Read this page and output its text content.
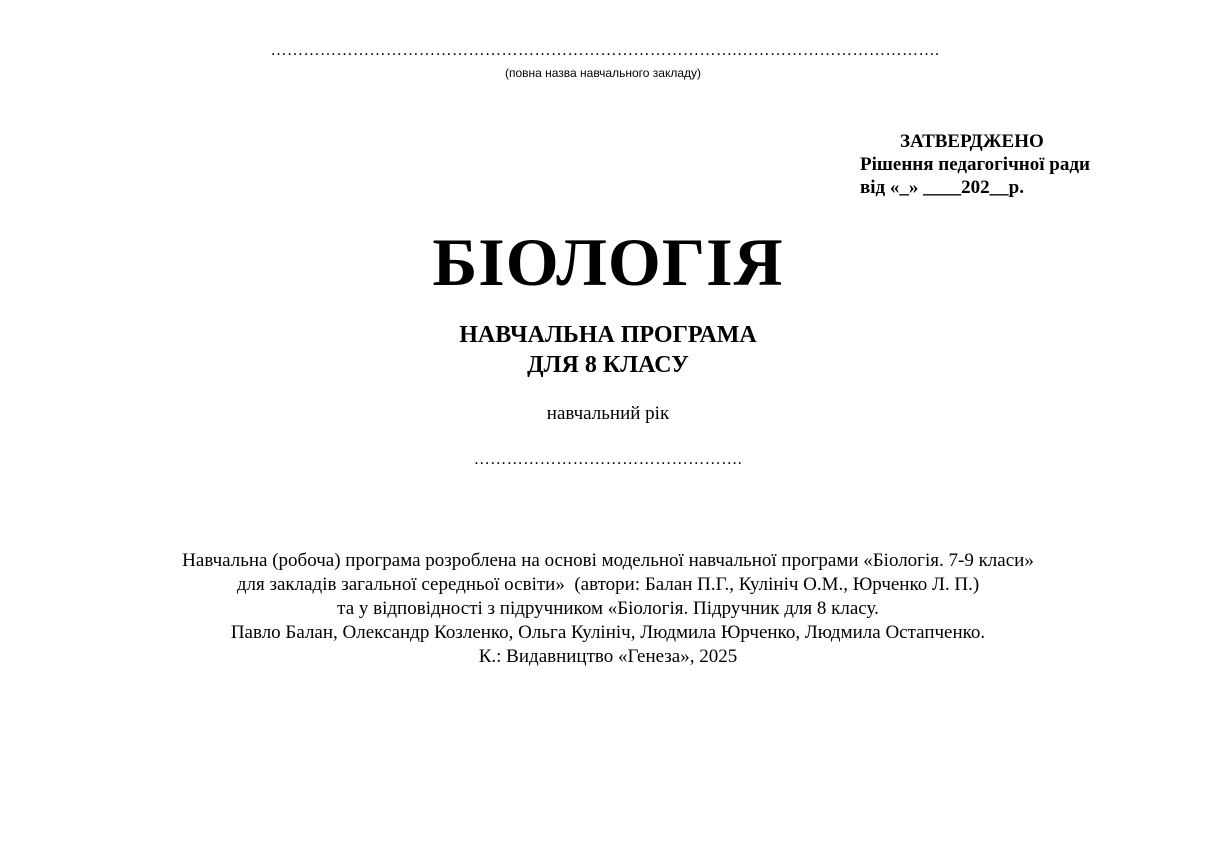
………………………………………………………………………….……………………………….
(повна назва навчального закладу)
ЗАТВЕРДЖЕНО
Рішення педагогічної ради
від «_» ____202__р.
БІОЛОГІЯ
НАВЧАЛЬНА ПРОГРАМА
ДЛЯ 8 КЛАСУ
навчальний рік
………………………………………….
Навчальна (робоча) програма розроблена на основі модельної навчальної програми «Біологія. 7-9 класи»
для закладів загальної середньої освіти»  (автори: Балан П.Г., Кулініч О.М., Юрченко Л. П.)
та у відповідності з підручником «Біологія. Підручник для 8 класу.
Павло Балан, Олександр Козленко, Ольга Кулініч, Людмила Юрченко, Людмила Остапченко.
К.: Видавництво «Генеза», 2025
